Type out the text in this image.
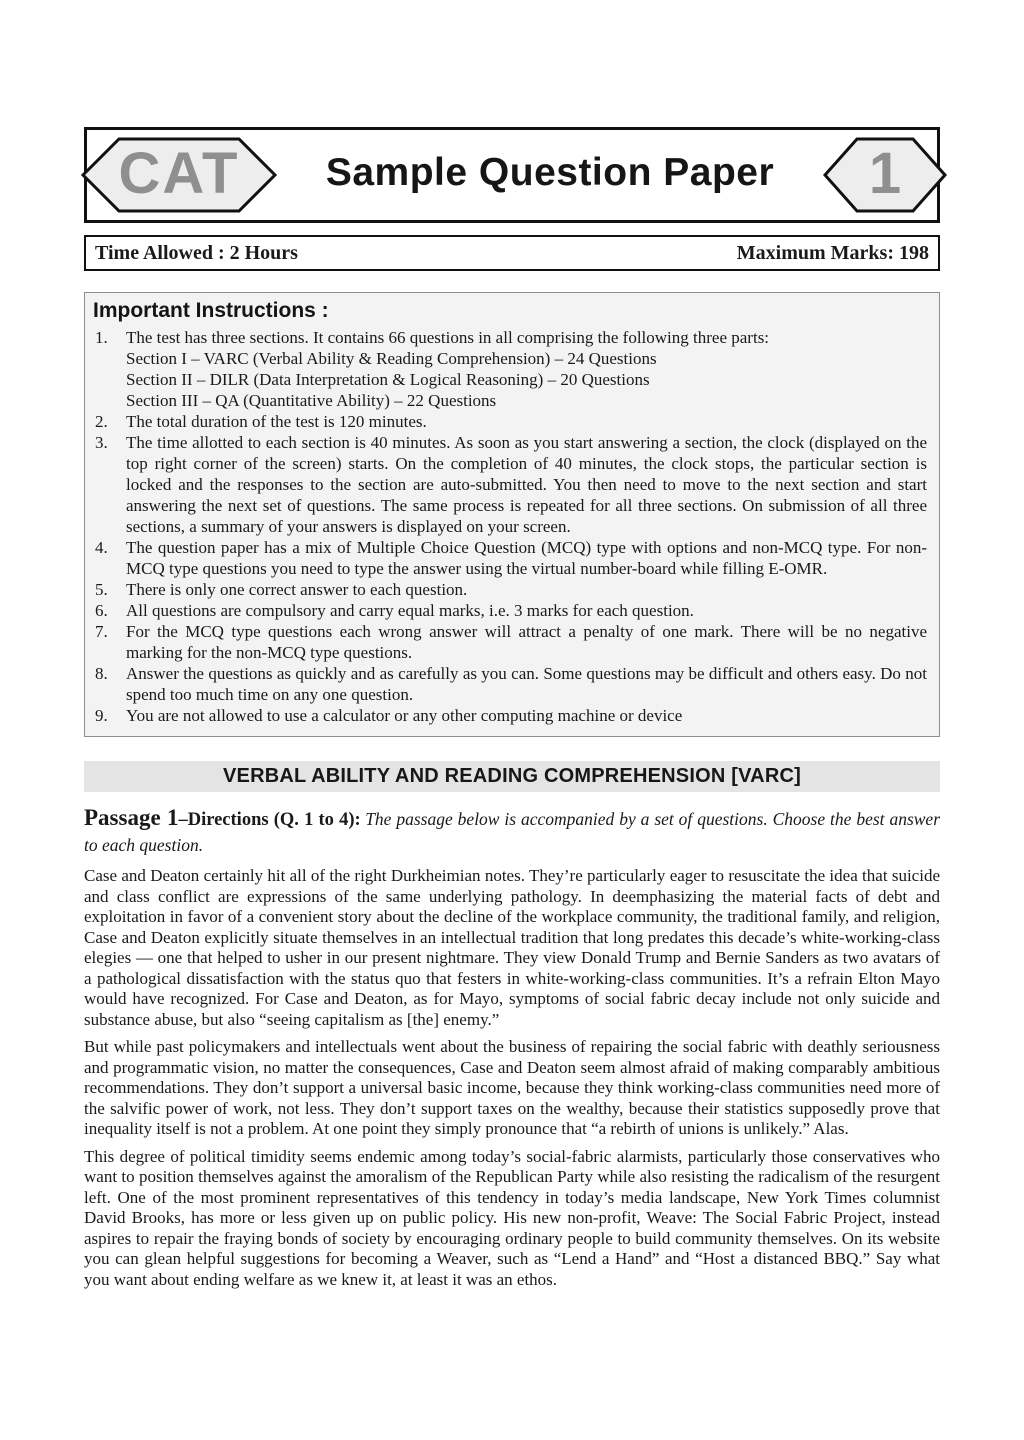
CAT	Sample Question Paper	1
Time Allowed : 2 Hours	Maximum Marks: 198
Important Instructions :
1.	The test has three sections. It contains 66 questions in all comprising the following three parts:
Section I – VARC (Verbal Ability & Reading Comprehension) – 24 Questions
Section II – DILR (Data Interpretation & Logical Reasoning) – 20 Questions
Section III – QA (Quantitative Ability) – 22 Questions
2.	The total duration of the test is 120 minutes.
3.	The time allotted to each section is 40 minutes. As soon as you start answering a section, the clock (displayed on the top right corner of the screen) starts. On the completion of 40 minutes, the clock stops, the particular section is locked and the responses to the section are auto-submitted. You then need to move to the next section and start answering the next set of questions. The same process is repeated for all three sections. On submission of all three sections, a summary of your answers is displayed on your screen.
4.	The question paper has a mix of Multiple Choice Question (MCQ) type with options and non-MCQ type. For non-MCQ type questions you need to type the answer using the virtual number-board while filling E-OMR.
5.	There is only one correct answer to each question.
6.	All questions are compulsory and carry equal marks, i.e. 3 marks for each question.
7.	For the MCQ type questions each wrong answer will attract a penalty of one mark. There will be no negative marking for the non-MCQ type questions.
8.	Answer the questions as quickly and as carefully as you can. Some questions may be difficult and others easy. Do not spend too much time on any one question.
9.	You are not allowed to use a calculator or any other computing machine or device
VERBAL ABILITY AND READING COMPREHENSION [VARC]
Passage 1–Directions (Q. 1 to 4): The passage below is accompanied by a set of questions. Choose the best answer to each question.

Case and Deaton certainly hit all of the right Durkheimian notes. They’re particularly eager to resuscitate the idea that suicide and class conflict are expressions of the same underlying pathology. In deemphasizing the material facts of debt and exploitation in favor of a convenient story about the decline of the workplace community, the traditional family, and religion, Case and Deaton explicitly situate themselves in an intellectual tradition that long predates this decade’s white-working-class elegies — one that helped to usher in our present nightmare. They view Donald Trump and Bernie Sanders as two avatars of a pathological dissatisfaction with the status quo that festers in white-working-class communities. It’s a refrain Elton Mayo would have recognized. For Case and Deaton, as for Mayo, symptoms of social fabric decay include not only suicide and substance abuse, but also “seeing capitalism as [the] enemy.”

But while past policymakers and intellectuals went about the business of repairing the social fabric with deathly seriousness and programmatic vision, no matter the consequences, Case and Deaton seem almost afraid of making comparably ambitious recommendations. They don’t support a universal basic income, because they think working-class communities need more of the salvific power of work, not less. They don’t support taxes on the wealthy, because their statistics supposedly prove that inequality itself is not a problem. At one point they simply pronounce that “a rebirth of unions is unlikely.” Alas.

This degree of political timidity seems endemic among today’s social-fabric alarmists, particularly those conservatives who want to position themselves against the amoralism of the Republican Party while also resisting the radicalism of the resurgent left. One of the most prominent representatives of this tendency in today’s media landscape, New York Times columnist David Brooks, has more or less given up on public policy. His new non-profit, Weave: The Social Fabric Project, instead aspires to repair the fraying bonds of society by encouraging ordinary people to build community themselves. On its website you can glean helpful suggestions for becoming a Weaver, such as “Lend a Hand” and “Host a distanced BBQ.” Say what you want about ending welfare as we knew it, at least it was an ethos.
